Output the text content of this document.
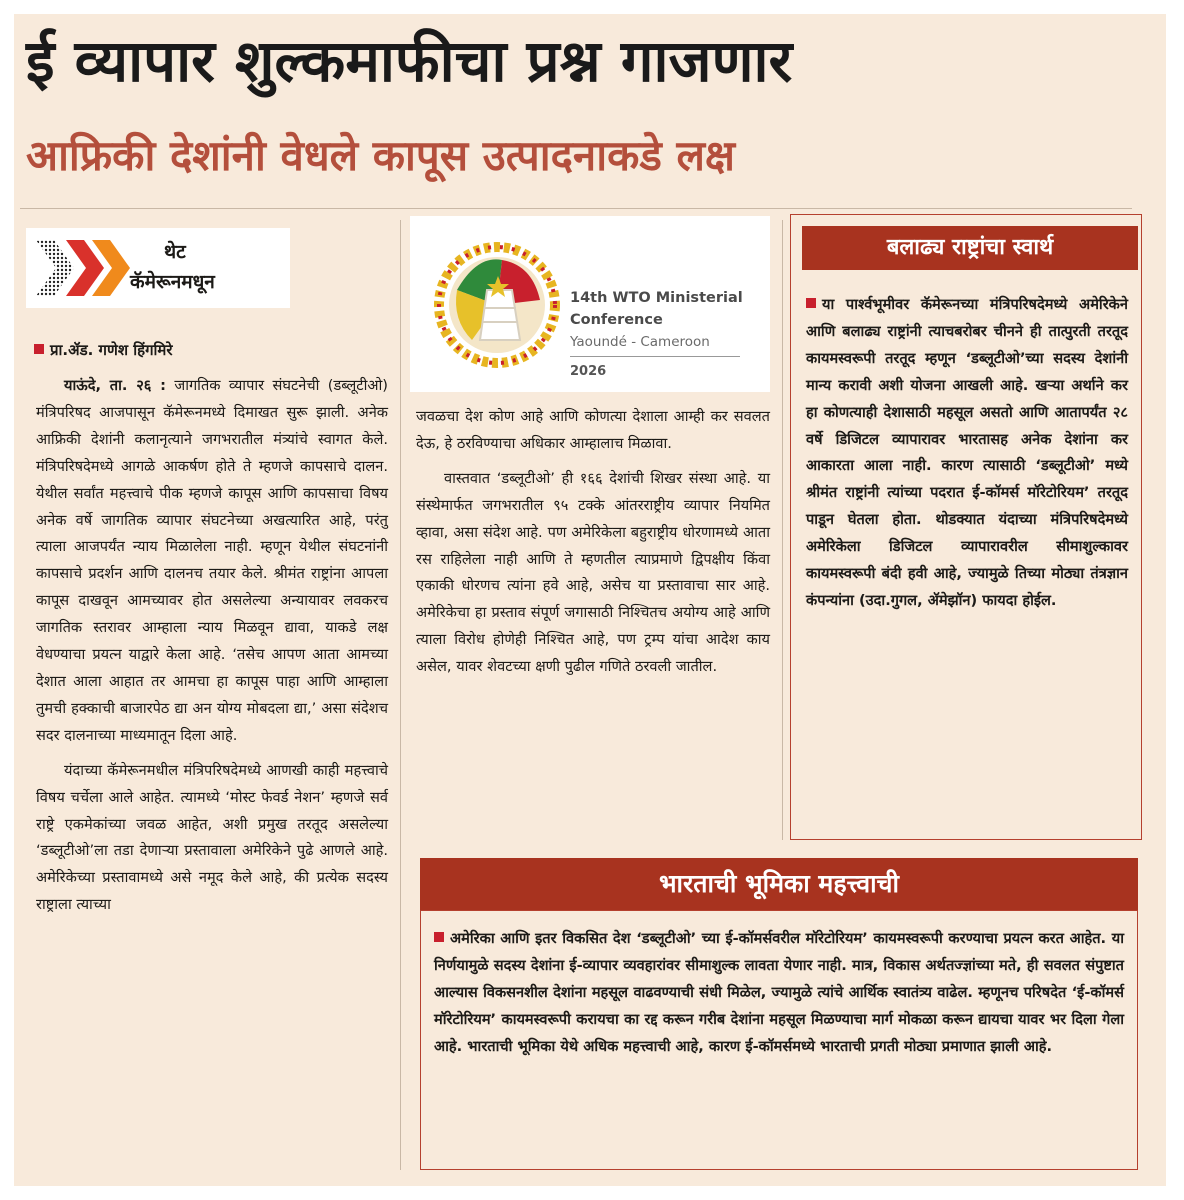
ई व्यापार शुल्कमाफीचा प्रश्न गाजणार
आफ्रिकी देशांनी वेधले कापूस उत्पादनाकडे लक्ष
थेट
कॅमेरूनमधून
प्रा.ॲड. गणेश हिंगमिरे

याऊंदे, ता. २६ : जागतिक व्यापार संघटनेची (डब्लूटीओ) मंत्रिपरिषद आजपासून कॅमेरूनमध्ये दिमाखत सुरू झाली. अनेक आफ्रिकी देशांनी कलानृत्याने जगभरातील मंत्र्यांचे स्वागत केले. मंत्रिपरिषदेमध्ये आगळे आकर्षण होते ते म्हणजे कापसाचे दालन. येथील सर्वांत महत्त्वाचे पीक म्हणजे कापूस आणि कापसाचा विषय अनेक वर्षे जागतिक व्यापार संघटनेच्या अखत्यारित आहे, परंतु त्याला आजपर्यंत न्याय मिळालेला नाही. म्हणून येथील संघटनांनी कापसाचे प्रदर्शन आणि दालनच तयार केले. श्रीमंत राष्ट्रांना आपला कापूस दाखवून आमच्यावर होत असलेल्या अन्यायावर लवकरच जागतिक स्तरावर आम्हाला न्याय मिळवून द्यावा, याकडे लक्ष वेधण्याचा प्रयत्न याद्वारे केला आहे. ‘तसेच आपण आता आमच्या देशात आला आहात तर आमचा हा कापूस पाहा आणि आम्हाला तुमची हक्काची बाजारपेठ द्या अन योग्य मोबदला द्या,’ असा संदेशच सदर दालनाच्या माध्यमातून दिला आहे.

यंदाच्या कॅमेरूनमधील मंत्रिपरिषदेमध्ये आणखी काही महत्त्वाचे विषय चर्चेला आले आहेत. त्यामध्ये ‘मोस्ट फेवर्ड नेशन’ म्हणजे सर्व राष्ट्रे एकमेकांच्या जवळ आहेत, अशी प्रमुख तरतूद असलेल्या ‘डब्लूटीओ’ला तडा देणाऱ्या प्रस्तावाला अमेरिकेने पुढे आणले आहे. अमेरिकेच्या प्रस्तावामध्ये असे नमूद केले आहे, की प्रत्येक सदस्य राष्ट्राला त्याच्या

14th WTO Ministerial
Conference
Yaoundé - Cameroon
2026

जवळचा देश कोण आहे आणि कोणत्या देशाला आम्ही कर सवलत देऊ, हे ठरविण्याचा अधिकार आम्हालाच मिळावा.

वास्तवात ‘डब्लूटीओ’ ही १६६ देशांची शिखर संस्था आहे. या संस्थेमार्फत जगभरातील ९५ टक्के आंतरराष्ट्रीय व्यापार नियमित व्हावा, असा संदेश आहे. पण अमेरिकेला बहुराष्ट्रीय धोरणामध्ये आता रस राहिलेला नाही आणि ते म्हणतील त्याप्रमाणे द्विपक्षीय किंवा एकाकी धोरणच त्यांना हवे आहे, असेच या प्रस्तावाचा सार आहे. अमेरिकेचा हा प्रस्ताव संपूर्ण जगासाठी निश्चितच अयोग्य आहे आणि त्याला विरोध होणेही निश्चित आहे, पण ट्रम्प यांचा आदेश काय असेल, यावर शेवटच्या क्षणी पुढील गणिते ठरवली जातील.

बलाढ्य राष्ट्रांचा स्वार्थ
या पार्श्वभूमीवर कॅमेरूनच्या मंत्रिपरिषदेमध्ये अमेरिकेने आणि बलाढ्य राष्ट्रांनी त्याचबरोबर चीनने ही तात्पुरती तरतूद कायमस्वरूपी तरतूद म्हणून ‘डब्लूटीओ’च्या सदस्य देशांनी मान्य करावी अशी योजना आखली आहे. खऱ्या अर्थाने कर हा कोणत्याही देशासाठी महसूल असतो आणि आतापर्यंत २८ वर्षे डिजिटल व्यापारावर भारतासह अनेक देशांना कर आकारता आला नाही. कारण त्यासाठी ‘डब्लूटीओ’ मध्ये श्रीमंत राष्ट्रांनी त्यांच्या पदरात ई-कॉमर्स मॉरेटोरियम’ तरतूद पाडून घेतला होता. थोडक्यात यंदाच्या मंत्रिपरिषदेमध्ये अमेरिकेला डिजिटल व्यापारावरील सीमाशुल्कावर कायमस्वरूपी बंदी हवी आहे, ज्यामुळे तिच्या मोठ्या तंत्रज्ञान कंपन्यांना (उदा.गुगल, ॲमेझॉन) फायदा होईल.
भारताची भूमिका महत्त्वाची
अमेरिका आणि इतर विकसित देश ‘डब्लूटीओ’ च्या ई-कॉमर्सवरील मॉरेटोरियम’ कायमस्वरूपी करण्याचा प्रयत्न करत आहेत. या निर्णयामुळे सदस्य देशांना ई-व्यापार व्यवहारांवर सीमाशुल्क लावता येणार नाही. मात्र, विकास अर्थतज्ज्ञांच्या मते, ही सवलत संपुष्टात आल्यास विकसनशील देशांना महसूल वाढवण्याची संधी मिळेल, ज्यामुळे त्यांचे आर्थिक स्वातंत्र्य वाढेल. म्हणूनच परिषदेत ‘ई-कॉमर्स मॉरेटोरियम’ कायमस्वरूपी करायचा का रद्द करून गरीब देशांना महसूल मिळण्याचा मार्ग मोकळा करून द्यायचा यावर भर दिला गेला आहे. भारताची भूमिका येथे अधिक महत्त्वाची आहे, कारण ई-कॉमर्समध्ये भारताची प्रगती मोठ्या प्रमाणात झाली आहे.
